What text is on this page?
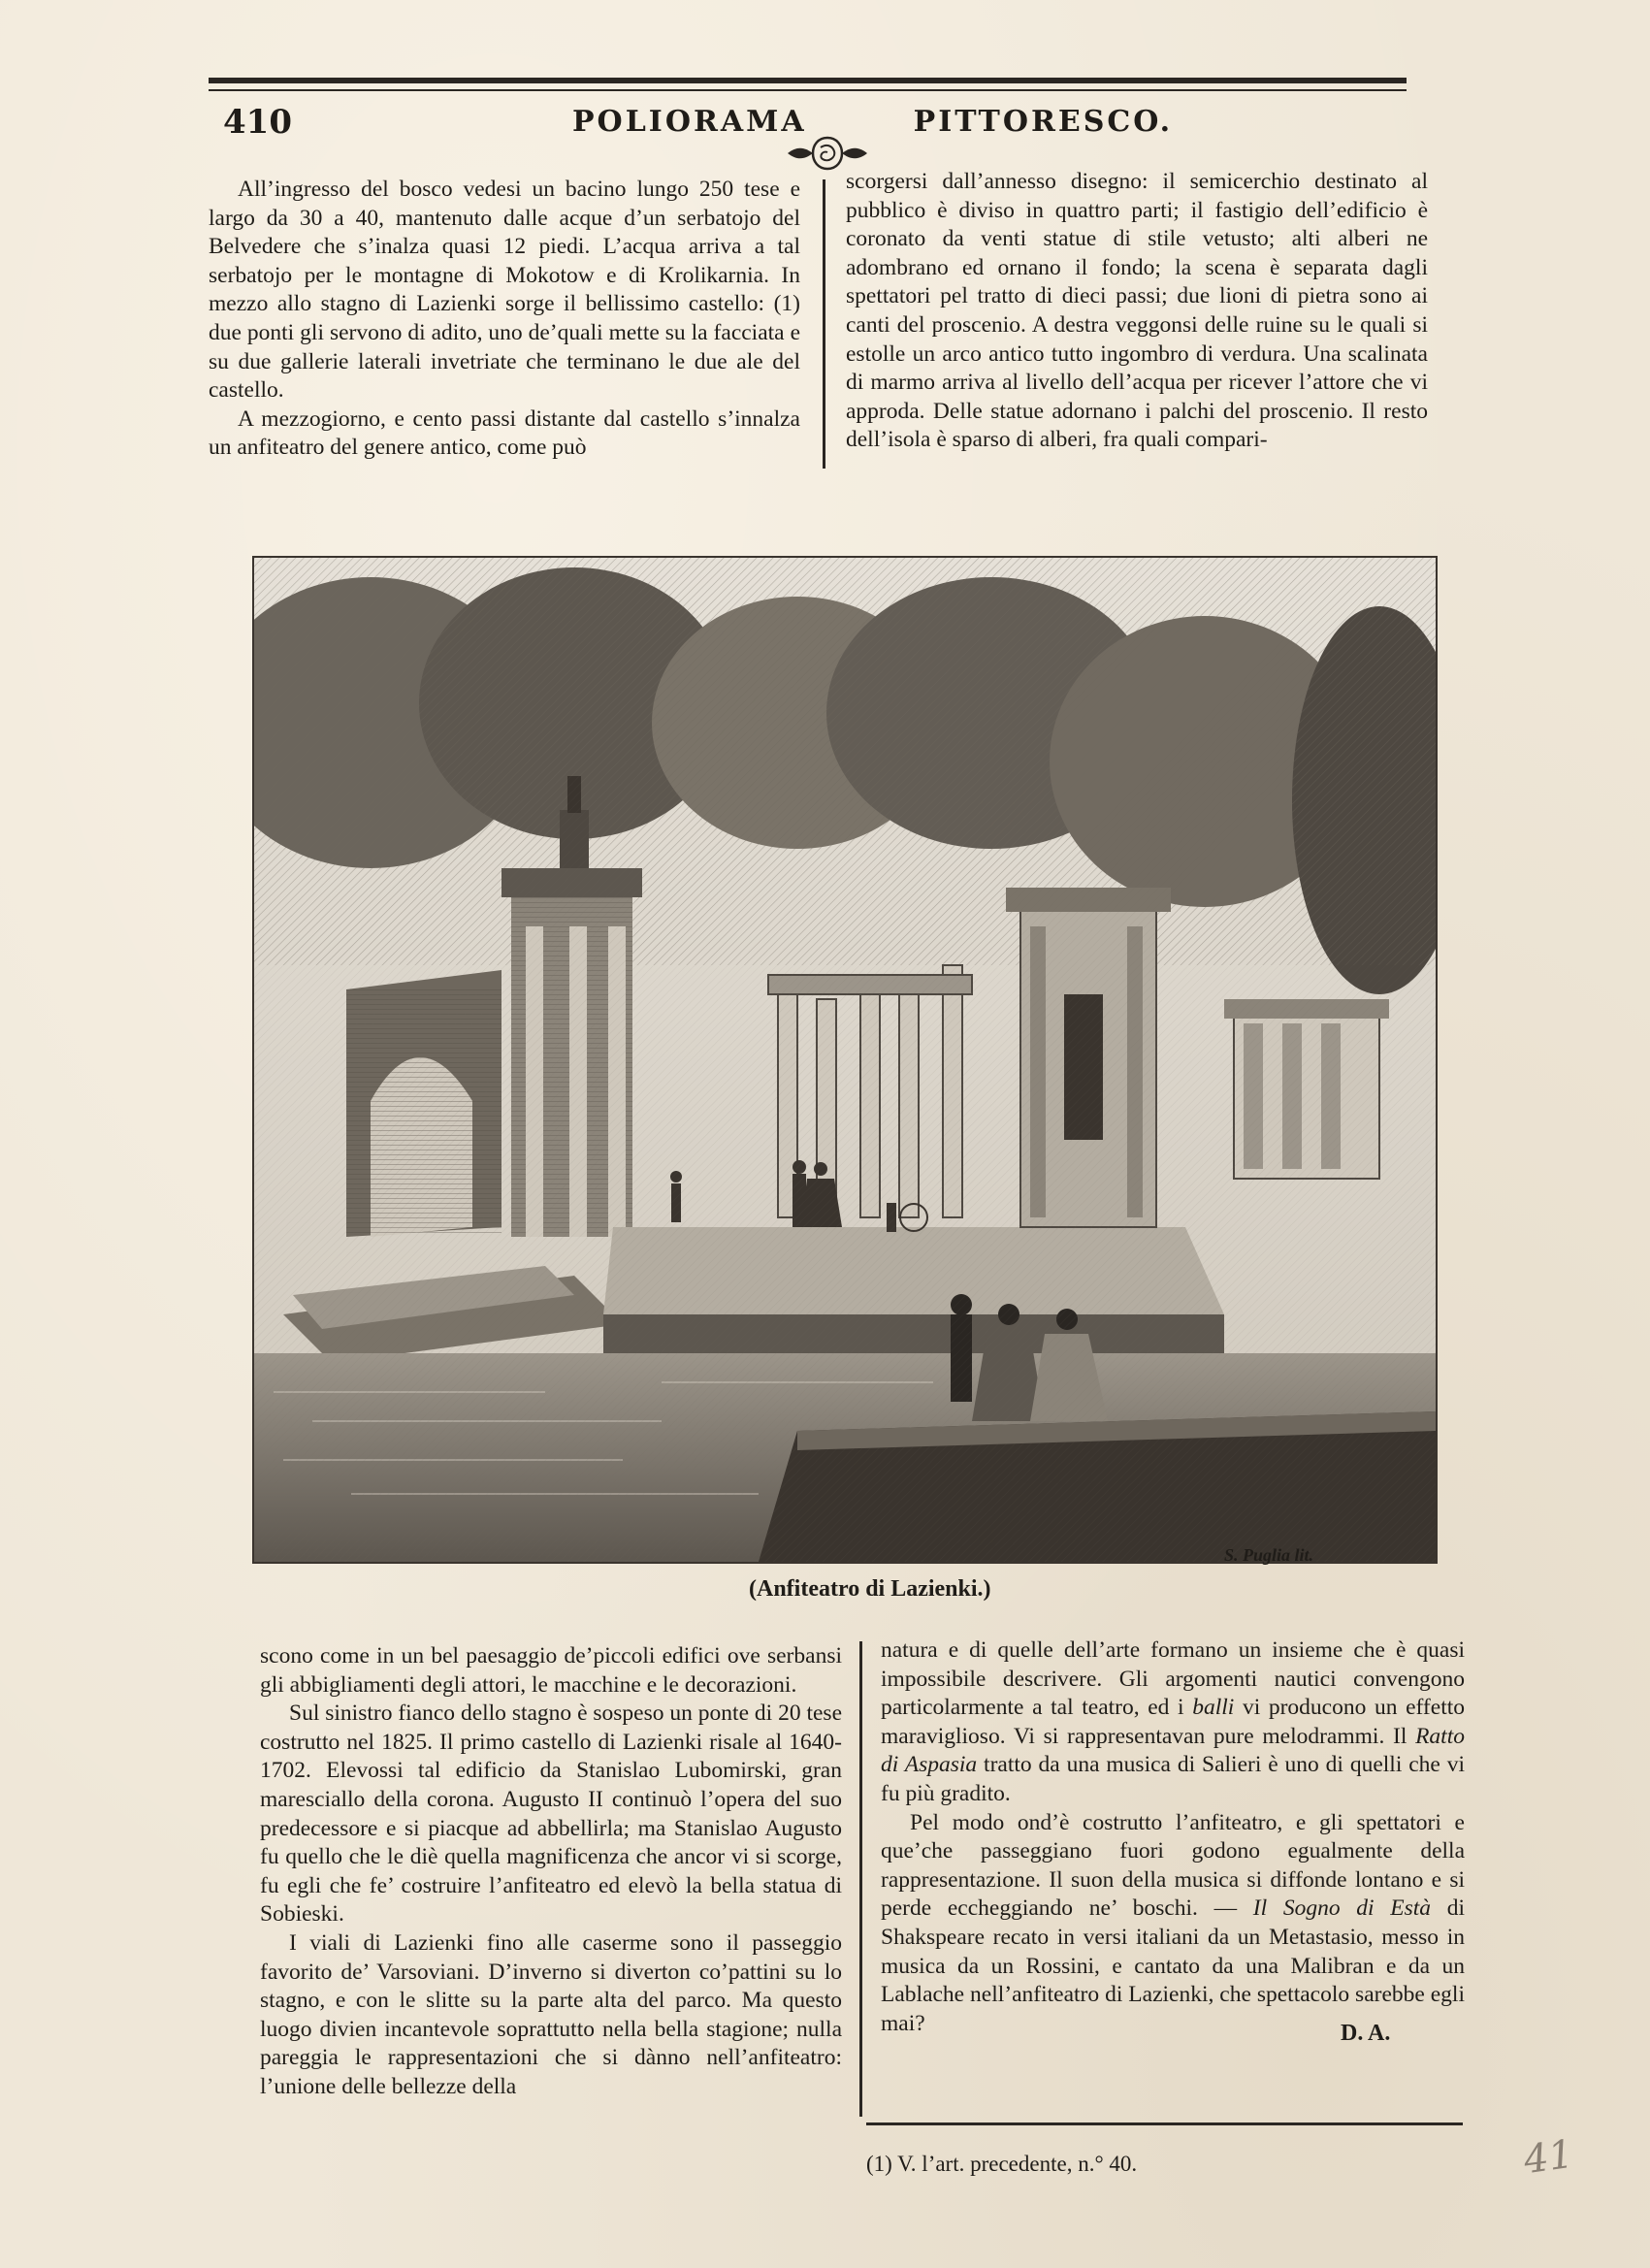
410	POLIORAMA	PITTORESCO.

All’ingresso del bosco vedesi un bacino lungo 250 tese e largo da 30 a 40, mantenuto dalle acque d’un serbatojo del Belvedere che s’inalza quasi 12 piedi. L’acqua arriva a tal serbatojo per le montagne di Mokotow e di Krolikarnia. In mezzo allo stagno di Lazienki sorge il bellissimo castello: (1) due ponti gli servono di adito, uno de’quali mette su la facciata e su due gallerie laterali invetriate che terminano le due ale del castello.

A mezzogiorno, e cento passi distante dal castello s’innalza un anfiteatro del genere antico, come può

scorgersi dall’annesso disegno: il semicerchio destinato al pubblico è diviso in quattro parti; il fastigio dell’edificio è coronato da venti statue di stile vetusto; alti alberi ne adombrano ed ornano il fondo; la scena è separata dagli spettatori pel tratto di dieci passi; due lioni di pietra sono ai canti del proscenio. A destra veggonsi delle ruine su le quali si estolle un arco antico tutto ingombro di verdura. Una scalinata di marmo arriva al livello dell’acqua per ricever l’attore che vi approda. Delle statue adornano i palchi del proscenio. Il resto dell’isola è sparso di alberi, fra quali compari-

S. Puglia lit.
(Anfiteatro di Lazienki.)

scono come in un bel paesaggio de’piccoli edifici ove serbansi gli abbigliamenti degli attori, le macchine e le decorazioni.

Sul sinistro fianco dello stagno è sospeso un ponte di 20 tese costrutto nel 1825. Il primo castello di Lazienki risale al 1640-1702. Elevossi tal edificio da Stanislao Lubomirski, gran maresciallo della corona. Augusto II continuò l’opera del suo predecessore e si piacque ad abbellirla; ma Stanislao Augusto fu quello che le diè quella magnificenza che ancor vi si scorge, fu egli che fe’ costruire l’anfiteatro ed elevò la bella statua di Sobieski.

I viali di Lazienki fino alle caserme sono il passeggio favorito de’ Varsoviani. D’inverno si diverton co’pattini su lo stagno, e con le slitte su la parte alta del parco. Ma questo luogo divien incantevole soprattutto nella bella stagione; nulla pareggia le rappresentazioni che si dànno nell’anfiteatro: l’unione delle bellezze della

natura e di quelle dell’arte formano un insieme che è quasi impossibile descrivere. Gli argomenti nautici convengono particolarmente a tal teatro, ed i balli vi producono un effetto maraviglioso. Vi si rappresentavan pure melodrammi. Il Ratto di Aspasia tratto da una musica di Salieri è uno di quelli che vi fu più gradito.

Pel modo ond’è costrutto l’anfiteatro, e gli spettatori e que’che passeggiano fuori godono egualmente della rappresentazione. Il suon della musica si diffonde lontano e si perde eccheggiando ne’ boschi. — Il Sogno di Està di Shakspeare recato in versi italiani da un Metastasio, messo in musica da un Rossini, e cantato da una Malibran e da un Lablache nell’anfiteatro di Lazienki, che spettacolo sarebbe egli mai?	D. A.
(1) V. l’art. precedente, n.° 40.	41
